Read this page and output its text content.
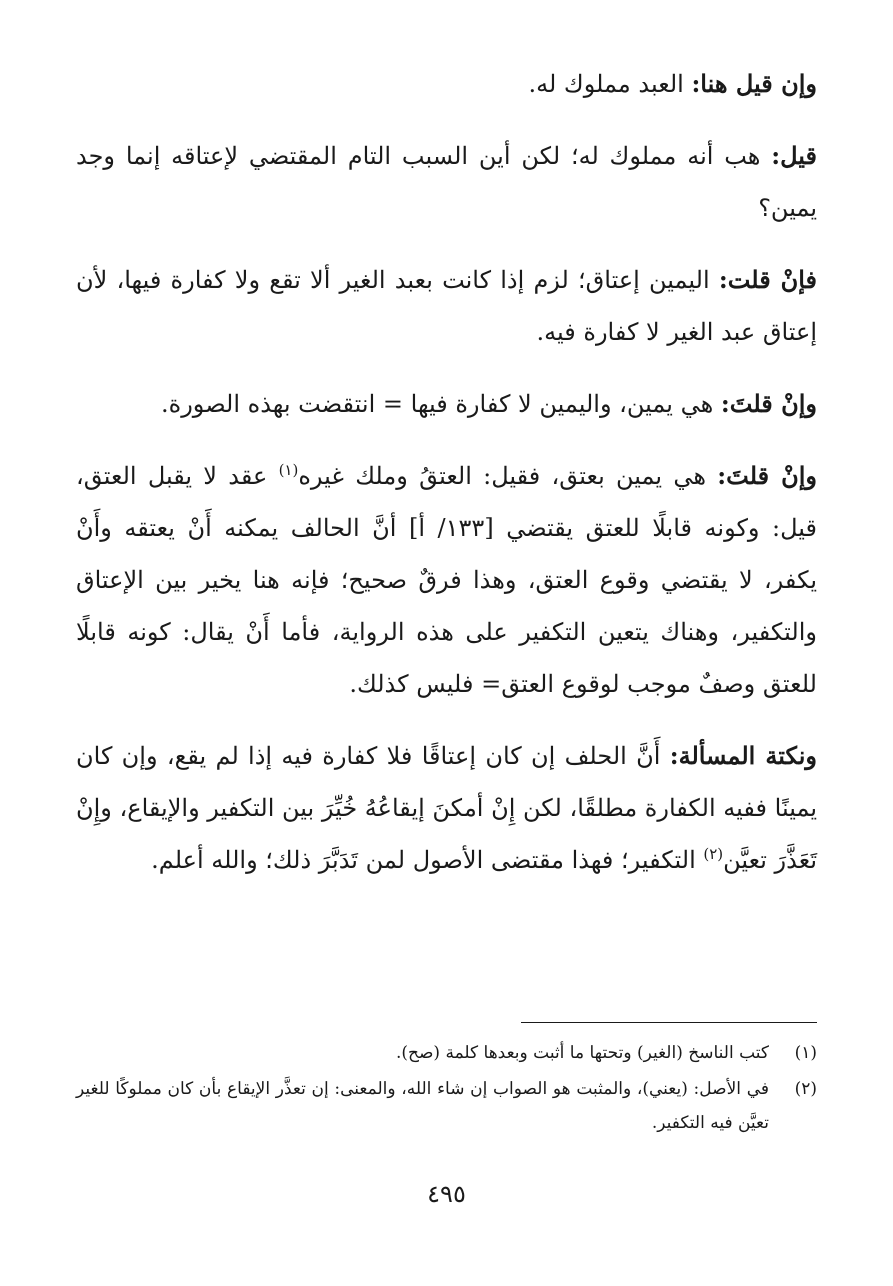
وإن قيل هنا: العبد مملوك له.

قيل: هب أنه مملوك له؛ لكن أين السبب التام المقتضي لإعتاقه إنما وجد يمين؟

فإنْ قلت: اليمين إعتاق؛ لزم إذا كانت بعبد الغير ألا تقع ولا كفارة فيها، لأن إعتاق عبد الغير لا كفارة فيه.

وإنْ قلتَ: هي يمين، واليمين لا كفارة فيها = انتقضت بهذه الصورة.

وإنْ قلتَ: هي يمين بعتق، فقيل: العتقُ وملك غيره$^{(١)}$ عقد لا يقبل العتق، قيل: وكونه قابلًا للعتق يقتضي [١٣٣/ أ] أنَّ الحالف يمكنه أَنْ يعتقه وأَنْ يكفر، لا يقتضي وقوع العتق، وهذا فرقٌ صحيح؛ فإنه هنا يخير بين الإعتاق والتكفير، وهناك يتعين التكفير على هذه الرواية، فأما أَنْ يقال: كونه قابلًا للعتق وصفٌ موجب لوقوع العتق= فليس كذلك.

ونكتة المسألة: أَنَّ الحلف إن كان إعتاقًا فلا كفارة فيه إذا لم يقع، وإن كان يمينًا ففيه الكفارة مطلقًا، لكن إِنْ أمكنَ إيقاعُهُ خُيِّرَ بين التكفير والإيقاع، وإِنْ تَعَذَّرَ تعيَّن$^{(٢)}$ التكفير؛ فهذا مقتضى الأصول لمن تَدَبَّرَ ذلك؛ والله أعلم.

(١)
كتب الناسخ (الغير) وتحتها ما أثبت وبعدها كلمة (صح).

(٢)
في الأصل: (يعني)، والمثبت هو الصواب إن شاء الله، والمعنى: إن تعذَّر الإيقاع بأن كان مملوكًا للغير تعيَّن فيه التكفير.

٤٩٥
